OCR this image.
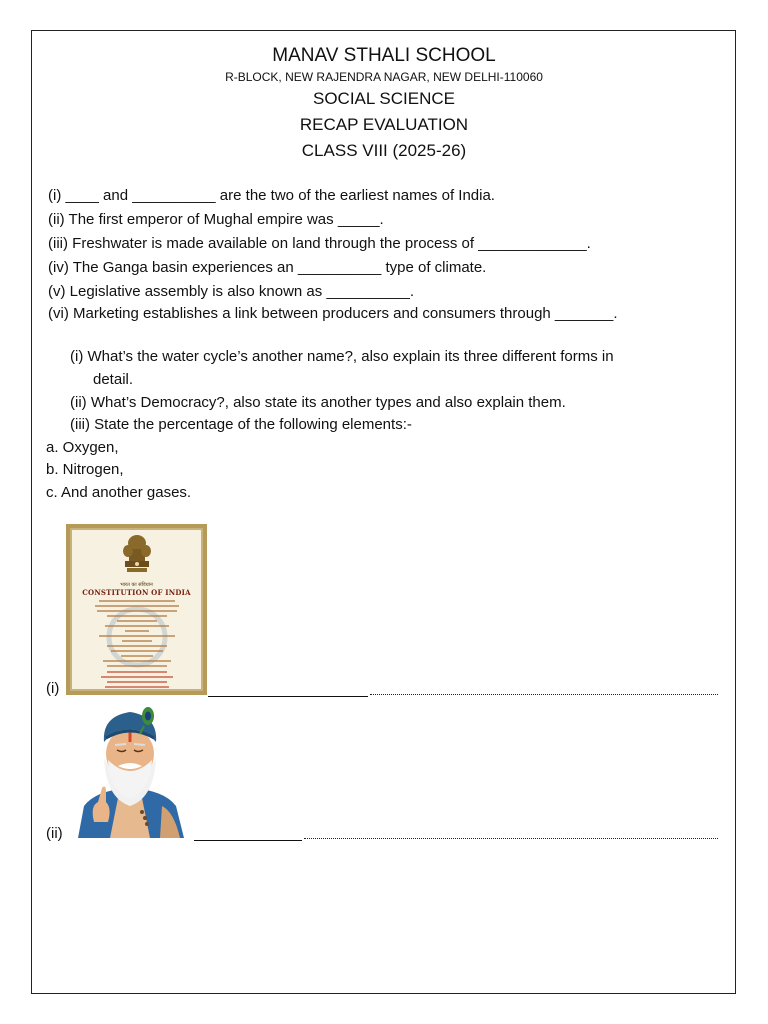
MANAV STHALI SCHOOL
R-BLOCK, NEW RAJENDRA NAGAR, NEW DELHI-110060
SOCIAL SCIENCE
RECAP EVALUATION
CLASS VIII (2025-26)
(i) ____ and __________ are the two of the earliest names of India.
(ii) The first emperor of Mughal empire was _____.
(iii) Freshwater is made available on land through the process of _____________.
(iv) The Ganga basin experiences an __________ type of climate.
(v) Legislative assembly is also known as __________.
(vi) Marketing establishes a link between producers and consumers through _______.
(i) What’s the water cycle’s another name?, also explain its three different forms in
detail.
(ii) What’s Democracy?, also state its another types and also explain them.
(iii) State the percentage of the following elements:-
a. Oxygen,
b. Nitrogen,
c. And another gases.
भारत का संविधान
CONSTITUTION OF INDIA
(i)
(ii)
